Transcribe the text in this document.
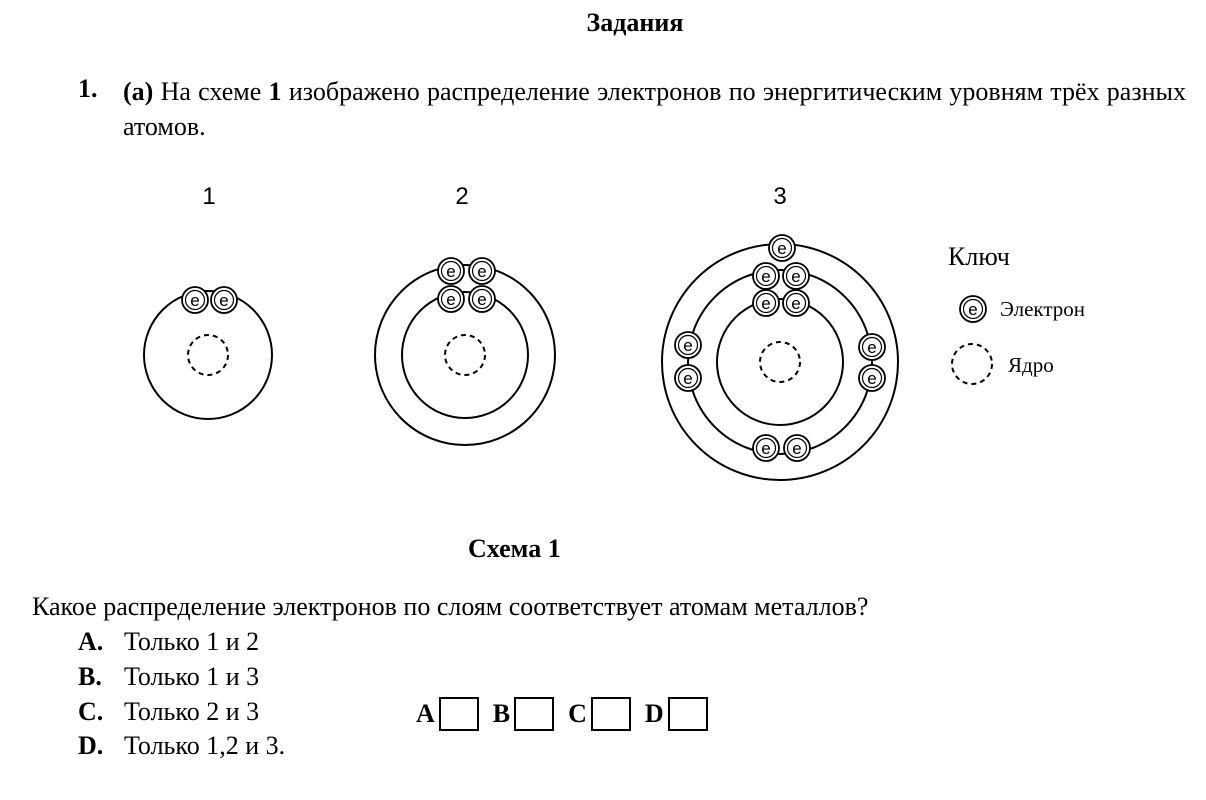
Задания
1. (a) На схеме 1 изображено распределение электронов по энергитическим уровням трёх разных атомов.
1	2	3
e e
e e
e e
e
e e
e e
e
e
e
e
e e
e
Ключ
Электрон
Ядро
Схема 1
Какое распределение электронов по слоям соответствует атомам металлов?
A. Только 1 и 2
B. Только 1 и 3
C. Только 2 и 3
D. Только 1,2 и 3.
A B C D
